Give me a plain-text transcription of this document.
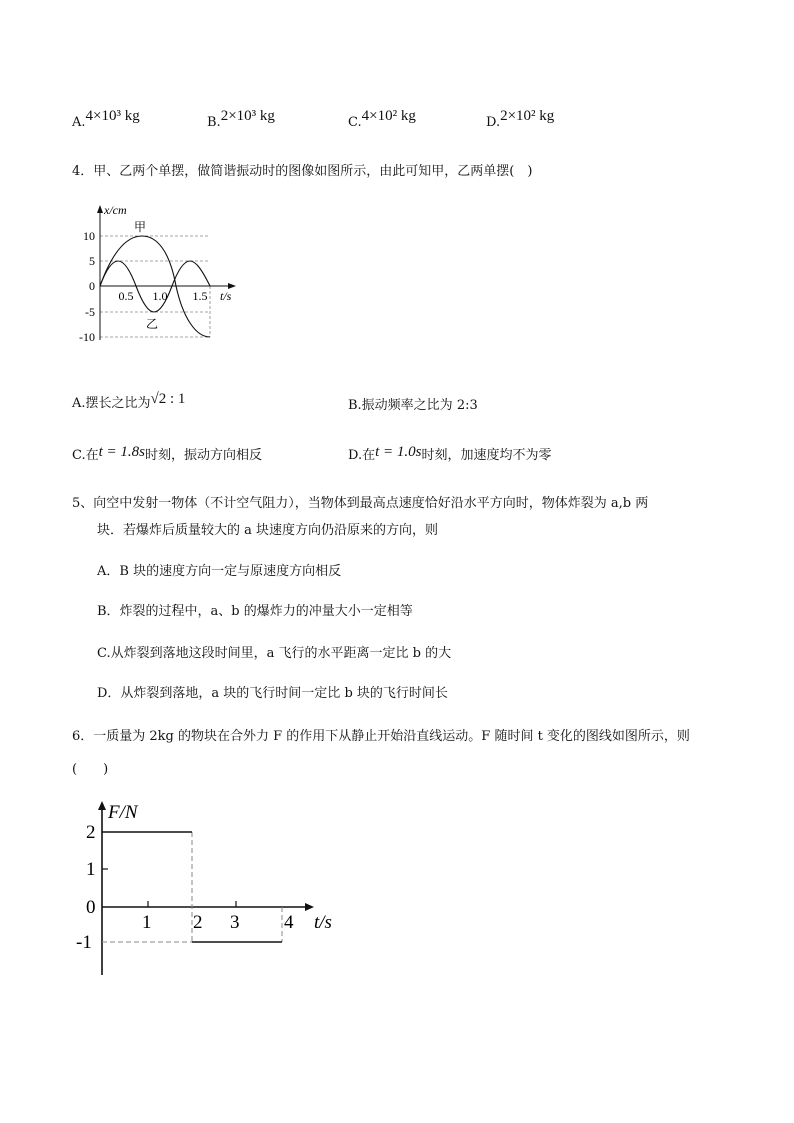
A.4×10³ kg	B.2×10³ kg	C.4×10² kg	D.2×10² kg
4．甲、乙两个单摆，做简谐振动时的图像如图所示，由此可知甲，乙两单摆(　)
x/cm
10
5
0
-5
-10
0.5 1.0 1.5 t/s
甲
乙
A.摆长之比为√2 : 1	B.振动频率之比为 2:3
C.在t = 1.8s时刻，振动方向相反	D.在t = 1.0s时刻，加速度均不为零
5、向空中发射一物体（不计空气阻力），当物体到最高点速度恰好沿水平方向时，物体炸裂为 a,b 两
块．若爆炸后质量较大的 a 块速度方向仍沿原来的方向，则
A．B 块的速度方向一定与原速度方向相反
B．炸裂的过程中，a、b 的爆炸力的冲量大小一定相等
C.从炸裂到落地这段时间里，a 飞行的水平距离一定比 b 的大
D．从炸裂到落地，a 块的飞行时间一定比 b 块的飞行时间长
6．一质量为 2kg 的物块在合外力 F 的作用下从静止开始沿直线运动。F 随时间 t 变化的图线如图所示，则
(　　)
F/N
2
1
0
-1
1 2 3 4 t/s
